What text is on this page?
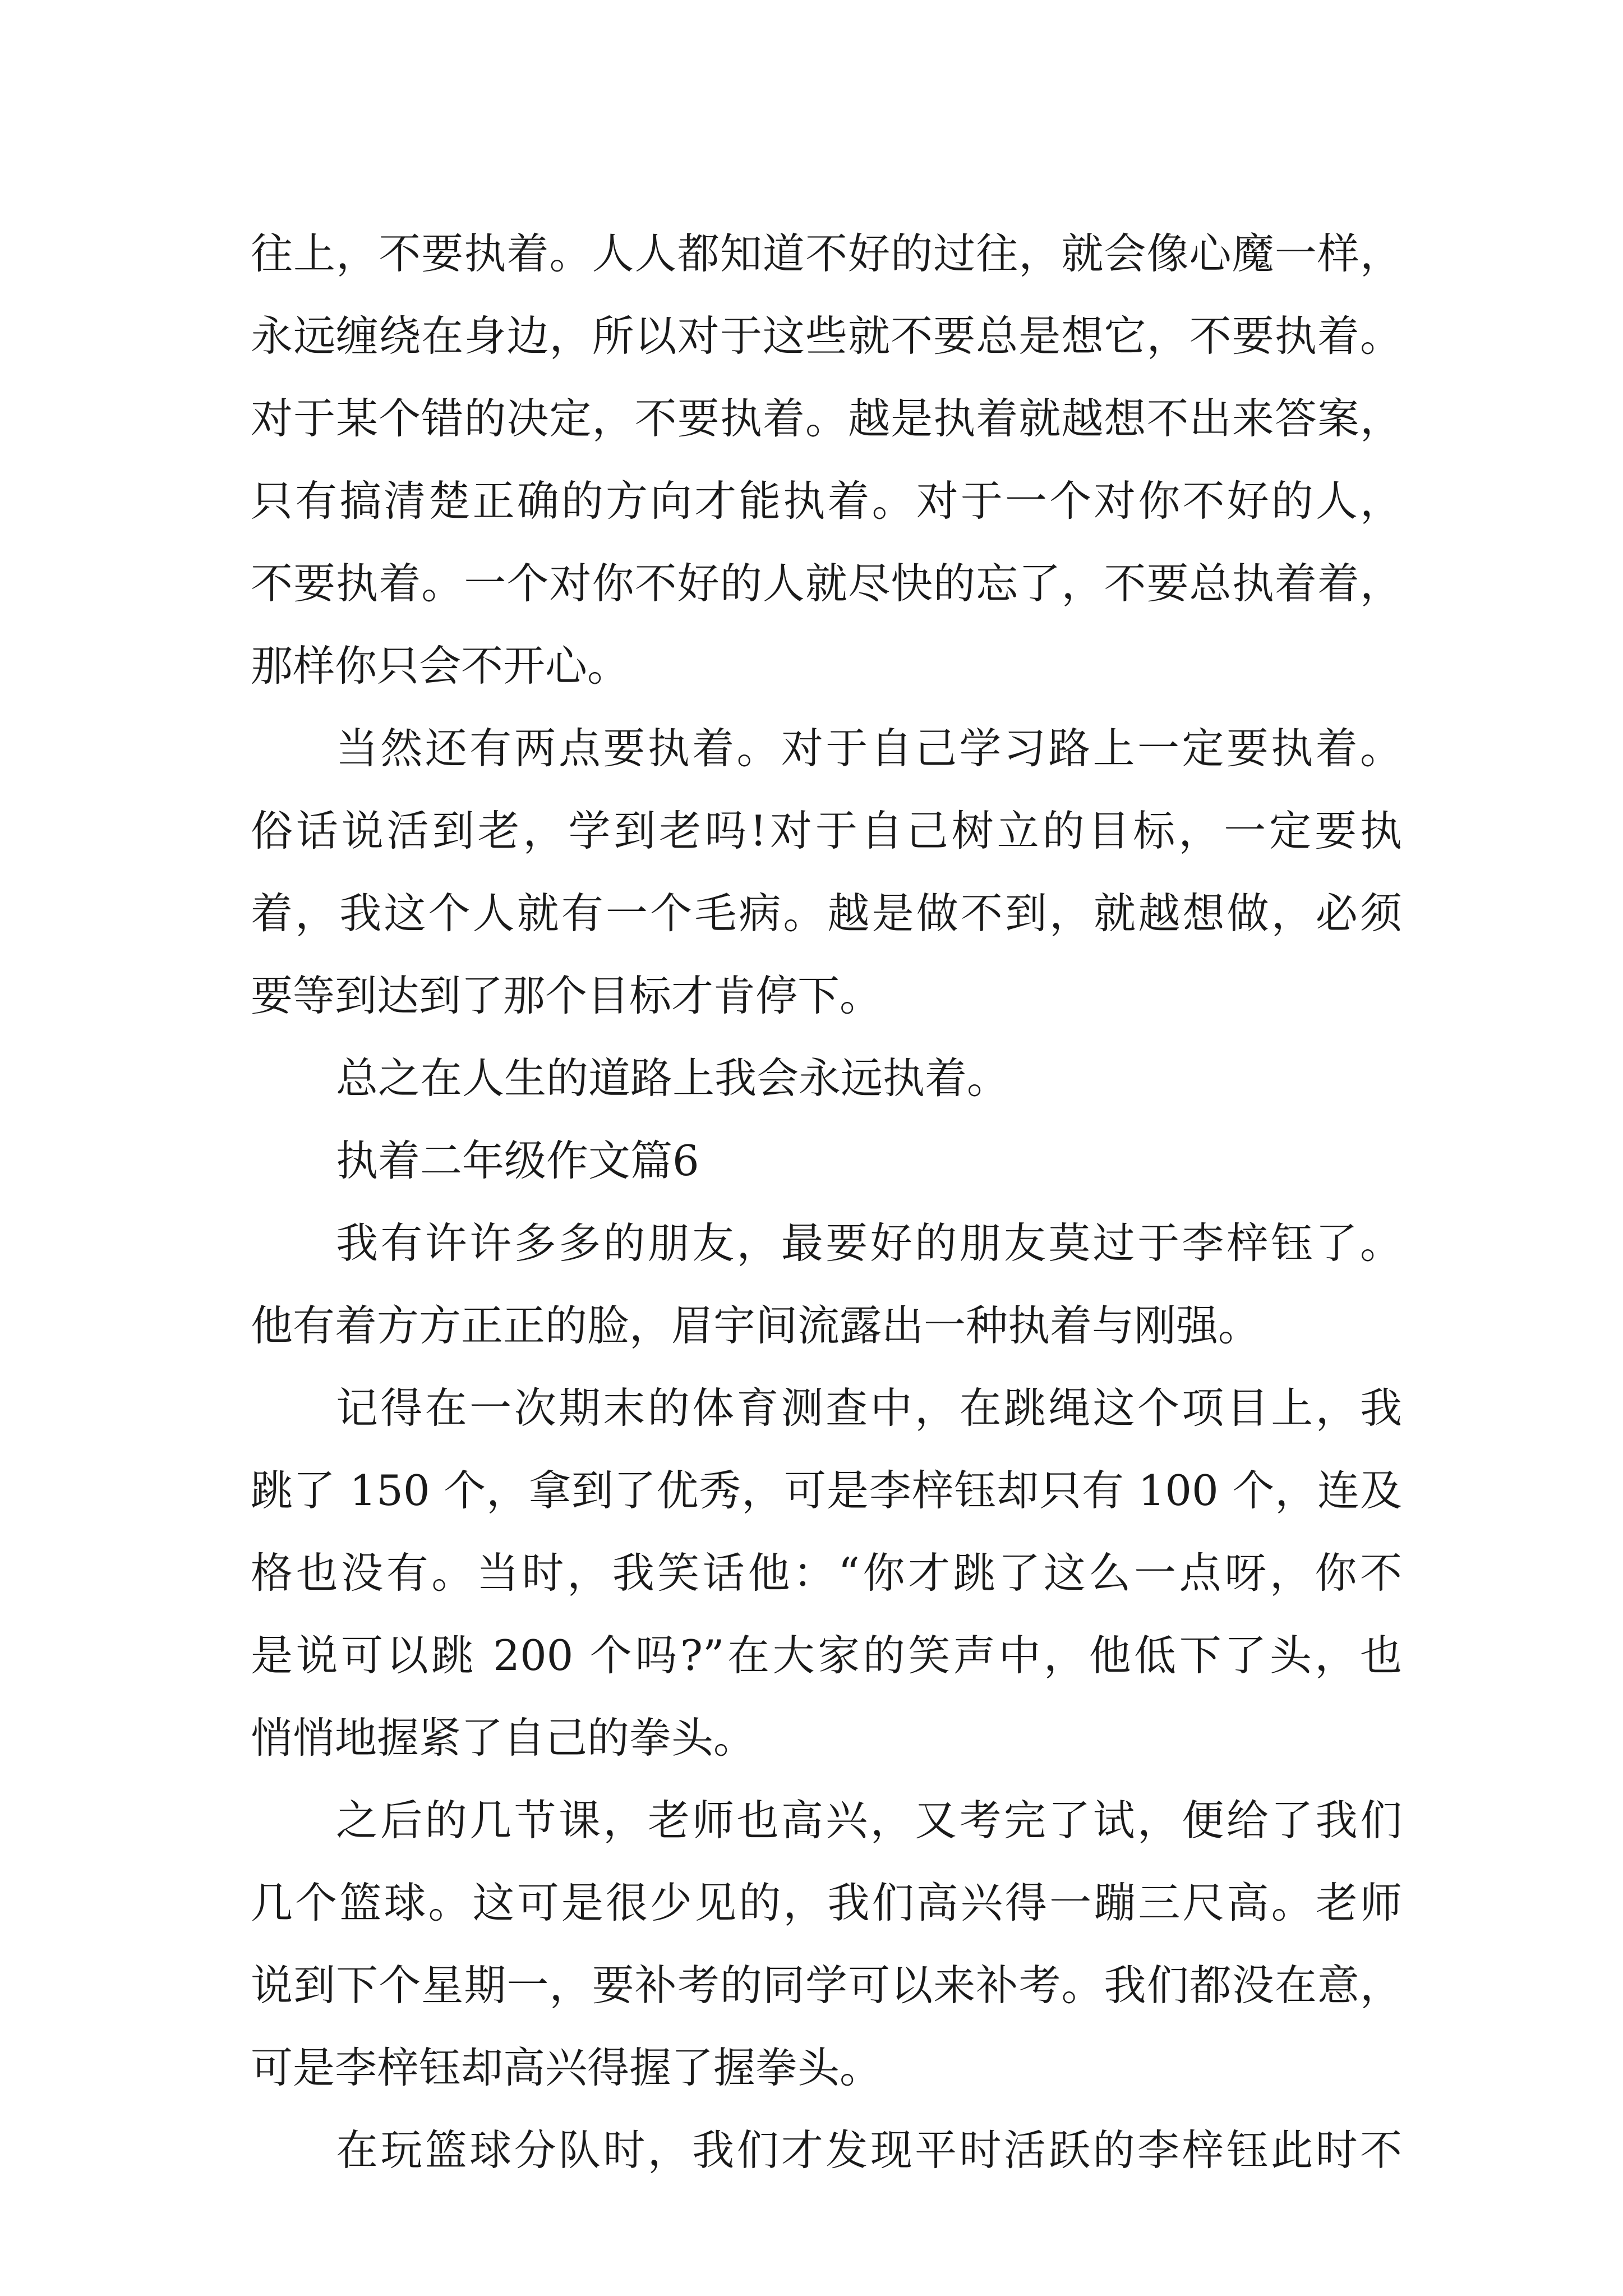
往上，不要执着。人人都知道不好的过往，就会像心魔一样，
永远缠绕在身边，所以对于这些就不要总是想它，不要执着。
对于某个错的决定，不要执着。越是执着就越想不出来答案，
只有搞清楚正确的方向才能执着。对于一个对你不好的人，
不要执着。一个对你不好的人就尽快的忘了，不要总执着着，
那样你只会不开心。
当然还有两点要执着。对于自己学习路上一定要执着。
俗话说活到老，学到老吗!对于自己树立的目标，一定要执
着，我这个人就有一个毛病。越是做不到，就越想做，必须
要等到达到了那个目标才肯停下。
总之在人生的道路上我会永远执着。
执着二年级作文篇6
我有许许多多的朋友，最要好的朋友莫过于李梓钰了。
他有着方方正正的脸，眉宇间流露出一种执着与刚强。
记得在一次期末的体育测查中，在跳绳这个项目上，我
跳了 150 个，拿到了优秀，可是李梓钰却只有 100 个，连及
格也没有。当时，我笑话他：“你才跳了这么一点呀，你不
是说可以跳 200 个吗?”在大家的笑声中，他低下了头，也
悄悄地握紧了自己的拳头。
之后的几节课，老师也高兴，又考完了试，便给了我们
几个篮球。这可是很少见的，我们高兴得一蹦三尺高。老师
说到下个星期一，要补考的同学可以来补考。我们都没在意，
可是李梓钰却高兴得握了握拳头。
在玩篮球分队时，我们才发现平时活跃的李梓钰此时不
